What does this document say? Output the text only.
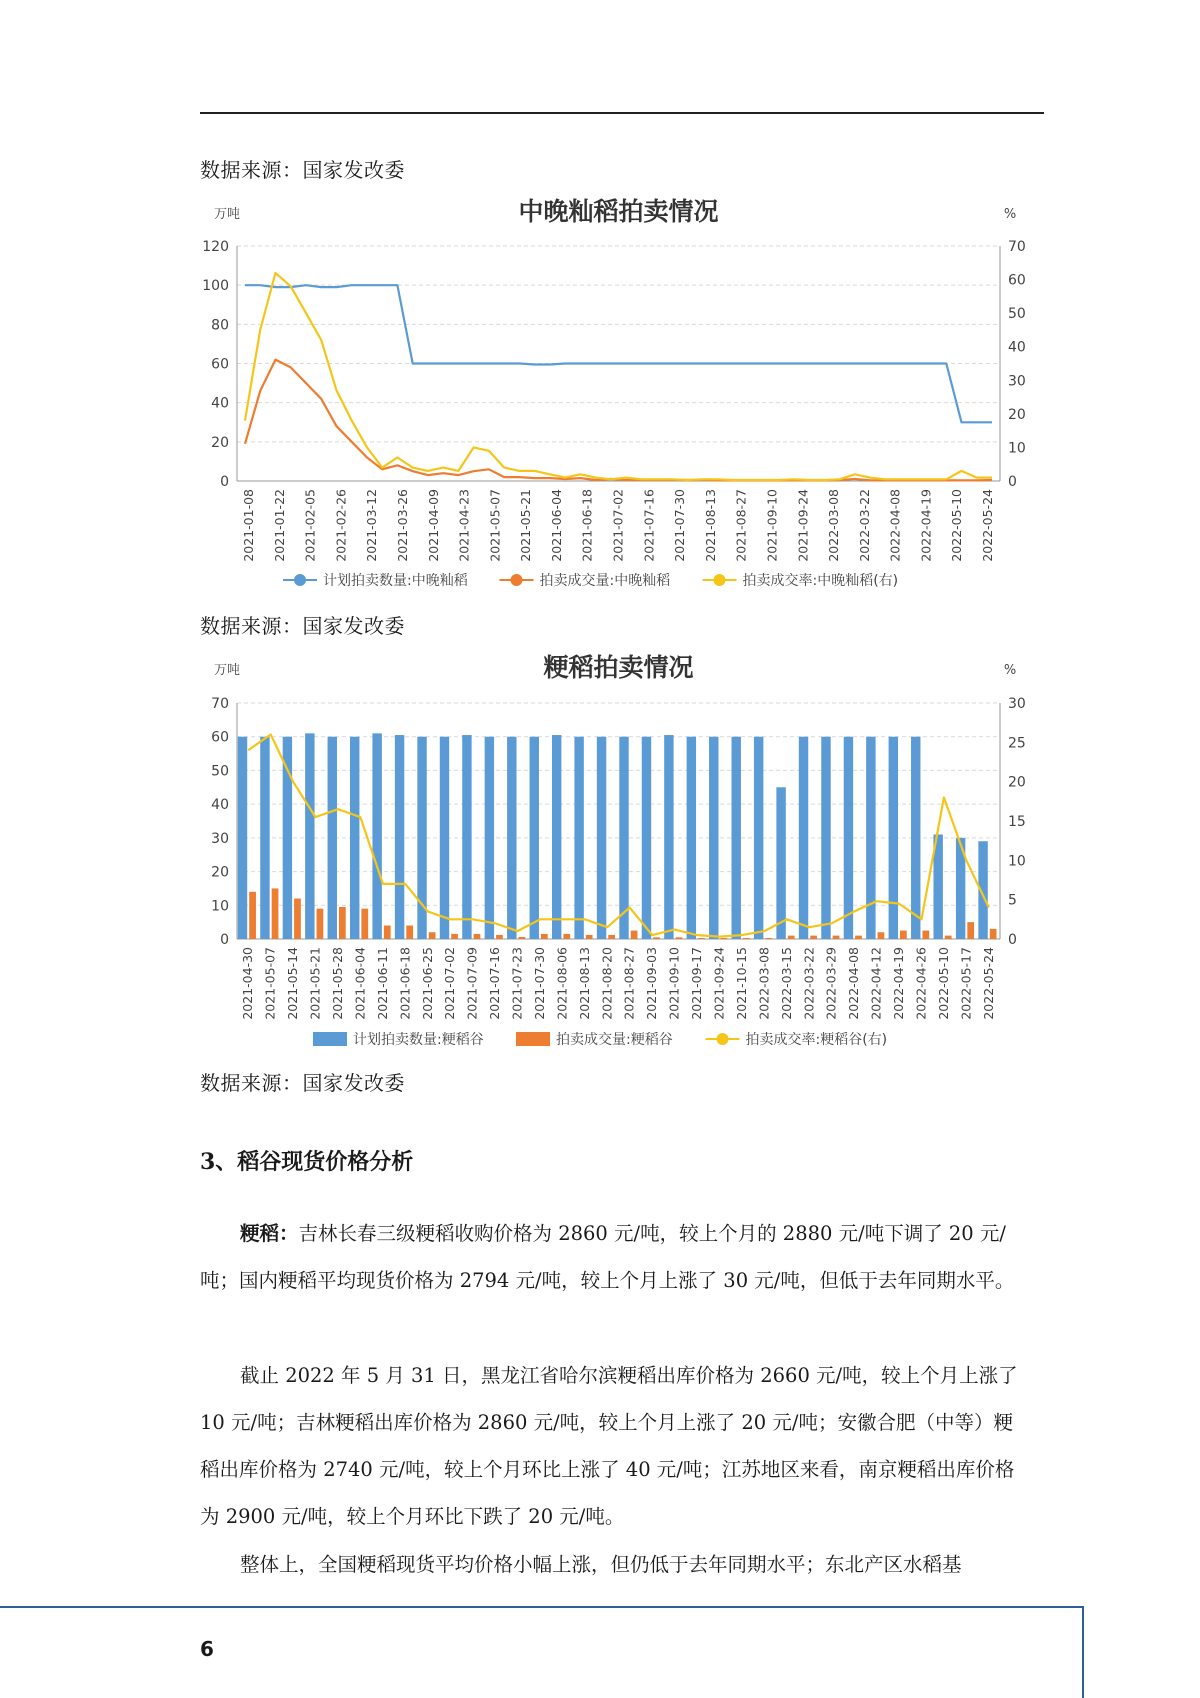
数据来源：国家发改委
中晚籼稻拍卖情况
万吨	%
0
20
40
60
80
100
120
0
10
20
30
40
50
60
70
2021-01-08 2021-01-22 2021-02-05 2021-02-26 2021-03-12 2021-03-26 2021-04-09 2021-04-23 2021-05-07 2021-05-21 2021-06-04 2021-06-18 2021-07-02 2021-07-16 2021-07-30 2021-08-13 2021-08-27 2021-09-10 2021-09-24 2022-03-08 2022-03-22 2022-04-08 2022-04-19 2022-05-10 2022-05-24
计划拍卖数量:中晚籼稻	拍卖成交量:中晚籼稻	拍卖成交率:中晚籼稻(右)
数据来源：国家发改委
粳稻拍卖情况
万吨	%
0
10
20
30
40
50
60
70
0
5
10
15
20
25
30
2021-04-30 2021-05-07 2021-05-14 2021-05-21 2021-05-28 2021-06-04 2021-06-11 2021-06-18 2021-06-25 2021-07-02 2021-07-09 2021-07-16 2021-07-23 2021-07-30 2021-08-06 2021-08-13 2021-08-20 2021-08-27 2021-09-03 2021-09-10 2021-09-17 2021-09-24 2021-10-15 2022-03-08 2022-03-15 2022-03-22 2022-03-29 2022-04-08 2022-04-12 2022-04-19 2022-04-26 2022-05-10 2022-05-17 2022-05-24
计划拍卖数量:粳稻谷	拍卖成交量:粳稻谷	拍卖成交率:粳稻谷(右)
数据来源：国家发改委
3、稻谷现货价格分析
粳稻：吉林长春三级粳稻收购价格为 2860 元/吨，较上个月的 2880 元/吨下调了 20 元/吨；国内粳稻平均现货价格为 2794 元/吨，较上个月上涨了 30 元/吨，但低于去年同期水平。
截止 2022 年 5 月 31 日，黑龙江省哈尔滨粳稻出库价格为 2660 元/吨，较上个月上涨了 10 元/吨；吉林粳稻出库价格为 2860 元/吨，较上个月上涨了 20 元/吨；安徽合肥（中等）粳稻出库价格为 2740 元/吨，较上个月环比上涨了 40 元/吨；江苏地区来看，南京粳稻出库价格为 2900 元/吨，较上个月环比下跌了 20 元/吨。
整体上，全国粳稻现货平均价格小幅上涨，但仍低于去年同期水平；东北产区水稻基
6
